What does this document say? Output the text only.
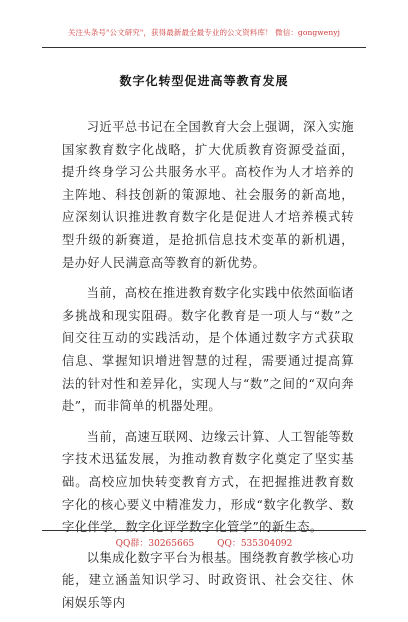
关注头条号"公文研究"，获得最新最全最专业的公文资料库！ 微信：gongwenyj
数字化转型促进高等教育发展

习近平总书记在全国教育大会上强调，深入实施国家教育数字化战略，扩大优质教育资源受益面，提升终身学习公共服务水平。高校作为人才培养的主阵地、科技创新的策源地、社会服务的新高地，应深刻认识推进教育数字化是促进人才培养模式转型升级的新赛道，是抢抓信息技术变革的新机遇，是办好人民满意高等教育的新优势。

当前，高校在推进教育数字化实践中依然面临诸多挑战和现实阻碍。数字化教育是一项人与“数”之间交往互动的实践活动，是个体通过数字方式获取信息、掌握知识增进智慧的过程，需要通过提高算法的针对性和差异化，实现人与“数”之间的“双向奔赴”，而非简单的机器处理。

当前，高速互联网、边缘云计算、人工智能等数字技术迅猛发展，为推动教育数字化奠定了坚实基础。高校应加快转变教育方式，在把握推进教育数字化的核心要义中精准发力，形成“数字化教学、数字化伴学、数字化评学数字化管学”的新生态。

以集成化数字平台为根基。围绕教育教学核心功能，建立涵盖知识学习、时政资讯、社会交往、休闲娱乐等内

QQ群：30265665	QQ：535304092
